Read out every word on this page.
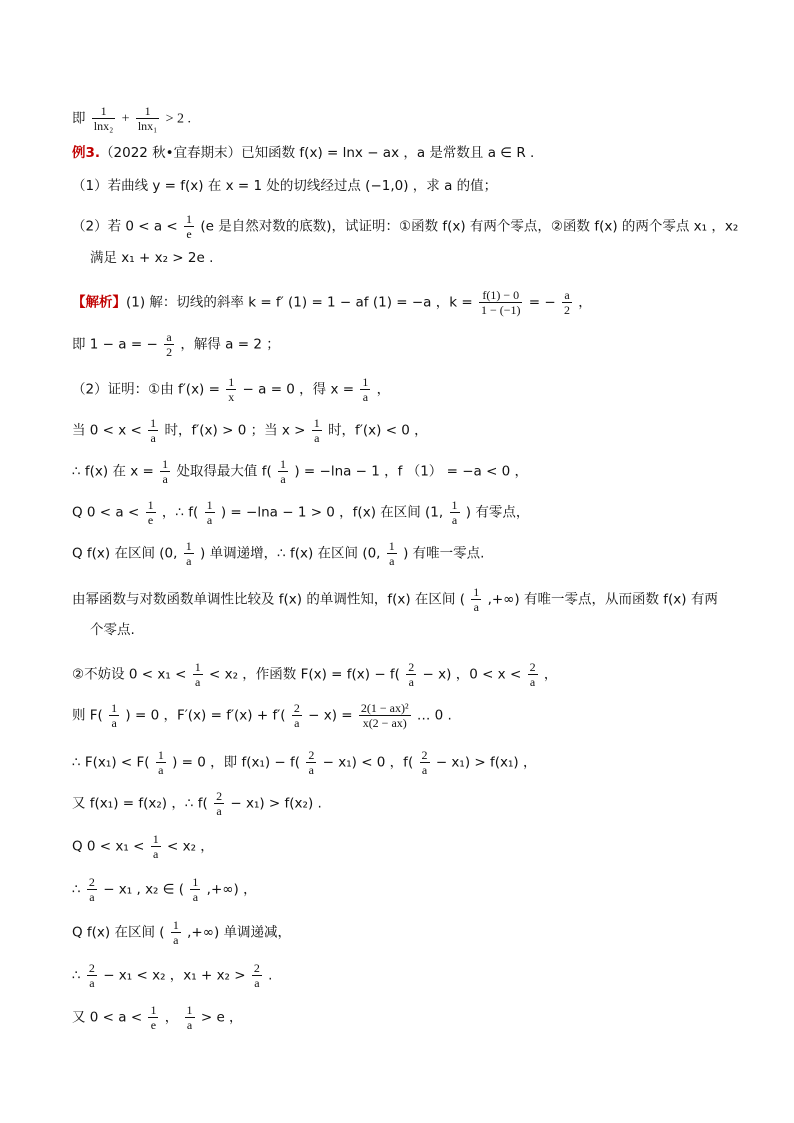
即 $\frac{1}{\text{lnx₂}} + \frac{1}{\text{lnx₁}} > 2$ .
例3.（2022 秋•宜春期末）已知函数 f(x) = lnx − ax ，a 是常数且 a ∈ R .
（1）若曲线 y = f(x) 在 x = 1 处的切线经过点 (−1,0) ，求 a 的值；
（2）若 $0 < a < \frac{1}{e} (e$ 是自然对数的底数)，试证明：①函数 f(x) 有两个零点，②函数 f(x) 的两个零点 x₁ ，x₂
满足 x₁ + x₂ > 2e .
【解析】(1) 解：切线的斜率 k = f′ (1) = 1 − af (1) = −a ，$k = \frac{f(1) - 0}{1 - (-1)}$ = − $\frac{a}{2}$ ，
即 1 − a = − $\frac{a}{2}$ ，解得 a = 2 ；
（2）证明：①由 $f'(x) = \frac{1}{x} - a = 0$ ，得 $x = \frac{1}{a}$ ，
当 $0 < x < \frac{1}{a}$ 时，f′(x) > 0 ；当 $x > \frac{1}{a}$ 时，f′(x) < 0 ，
∴ f(x) 在 $x = \frac{1}{a}$ 处取得最大值 $f( \frac{1}{a}$ ) = −lna − 1 ，f （1） = −a < 0 ，
Q $0 < a < \frac{1}{e}$ ，∴ $f( \frac{1}{a}$ ) = −lna − 1 > 0 ，f(x) 在区间 (1, $\frac{1}{a}$ ) 有零点，
Q f(x) 在区间 (0, $\frac{1}{a}$ ) 单调递增，∴ f(x) 在区间 (0, $\frac{1}{a}$ ) 有唯一零点.
由幂函数与对数函数单调性比较及 f(x) 的单调性知，f(x) 在区间 ( $\frac{1}{a}$ ,+∞) 有唯一零点，从而函数 f(x) 有两
个零点.
②不妨设 $0 < x_1 < \frac{1}{a} < x_2$ ，作函数 $F(x) = f(x) - f( \frac{2}{a} - x)$ ，$0 < x < \frac{2}{a}$ ，
则 $F( \frac{1}{a}$ ) = 0 ，$F'(x) = f'(x) + f'( \frac{2}{a} - x) = \frac{\text{2(1 − ax)²}}{x(2 - ax)}$ … 0 .
∴ $F(x_1) < F( \frac{1}{a}$ ) = 0 ，即 $f(x_1) - f( \frac{2}{a} - x_1) < 0$ ，$f( \frac{2}{a} - x_1) > f(x_1)$ ，
又 f(x₁) = f(x₂) ，∴ $f( \frac{2}{a} - x_1) > f(x_2)$ .
Q $0 < x_1 < \frac{1}{a} < x_2$ ，
∴ $\frac{2}{a} - x_1$ , x₂ ∈ ( $\frac{1}{a}$ ,+∞) ，
Q f(x) 在区间 ( $\frac{1}{a}$ ,+∞) 单调递减，
∴ $\frac{2}{a} - x_1 < x_2$ ，$x_1 + x_2 > \frac{2}{a}$ .
又 $0 < a < \frac{1}{e}$ ， $\frac{1}{a} > e$ ，
